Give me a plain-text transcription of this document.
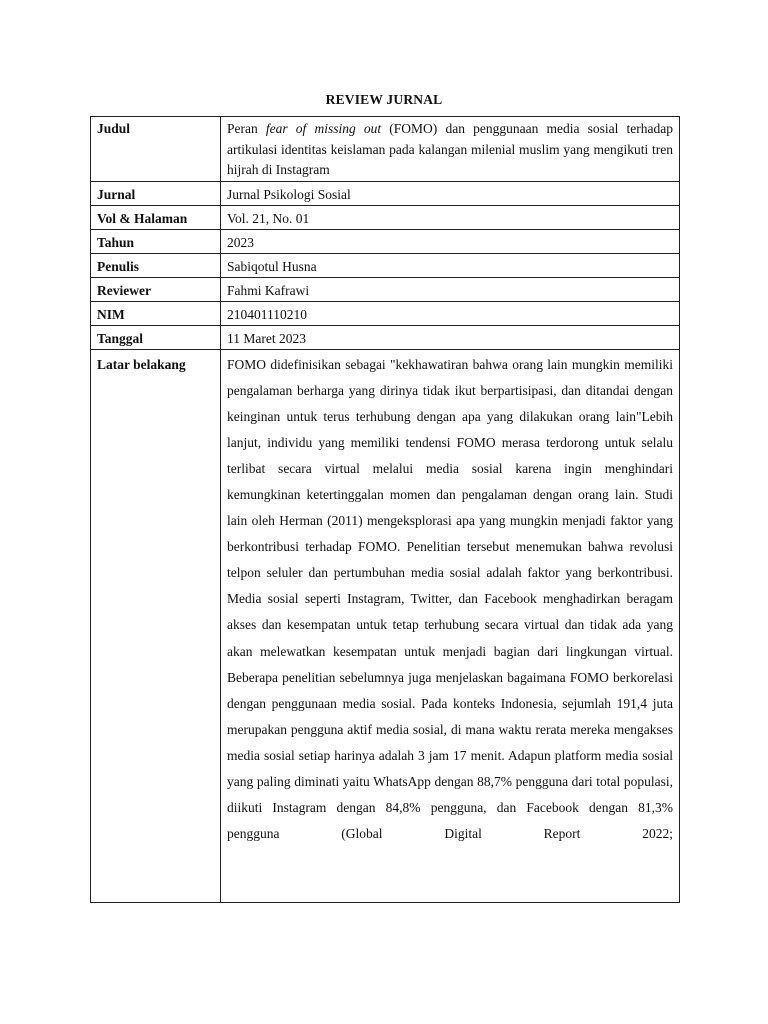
REVIEW JURNAL
Judul	Peran fear of missing out (FOMO) dan penggunaan media sosial terhadap artikulasi identitas keislaman pada kalangan milenial muslim yang mengikuti tren hijrah di Instagram
Jurnal	Jurnal Psikologi Sosial
Vol & Halaman	Vol. 21, No. 01
Tahun	2023
Penulis	Sabiqotul Husna
Reviewer	Fahmi Kafrawi
NIM	210401110210
Tanggal	11 Maret 2023
Latar belakang	FOMO didefinisikan sebagai "kekhawatiran bahwa orang lain mungkin memiliki pengalaman berharga yang dirinya tidak ikut berpartisipasi, dan ditandai dengan keinginan untuk terus terhubung dengan apa yang dilakukan orang lain"Lebih lanjut, individu yang memiliki tendensi FOMO merasa terdorong untuk selalu terlibat secara virtual melalui media sosial karena ingin menghindari kemungkinan ketertinggalan momen dan pengalaman dengan orang lain. Studi lain oleh Herman (2011) mengeksplorasi apa yang mungkin menjadi faktor yang berkontribusi terhadap FOMO. Penelitian tersebut menemukan bahwa revolusi telpon seluler dan pertumbuhan media sosial adalah faktor yang berkontribusi. Media sosial seperti Instagram, Twitter, dan Facebook menghadirkan beragam akses dan kesempatan untuk tetap terhubung secara virtual dan tidak ada yang akan melewatkan kesempatan untuk menjadi bagian dari lingkungan virtual. Beberapa penelitian sebelumnya juga menjelaskan bagaimana FOMO berkorelasi dengan penggunaan media sosial. Pada konteks Indonesia, sejumlah 191,4 juta merupakan pengguna aktif media sosial, di mana waktu rerata mereka mengakses media sosial setiap harinya adalah 3 jam 17 menit. Adapun platform media sosial yang paling diminati yaitu WhatsApp dengan 88,7% pengguna dari total populasi, diikuti Instagram dengan 84,8% pengguna, dan Facebook dengan 81,3% pengguna (Global Digital Report 2022;
